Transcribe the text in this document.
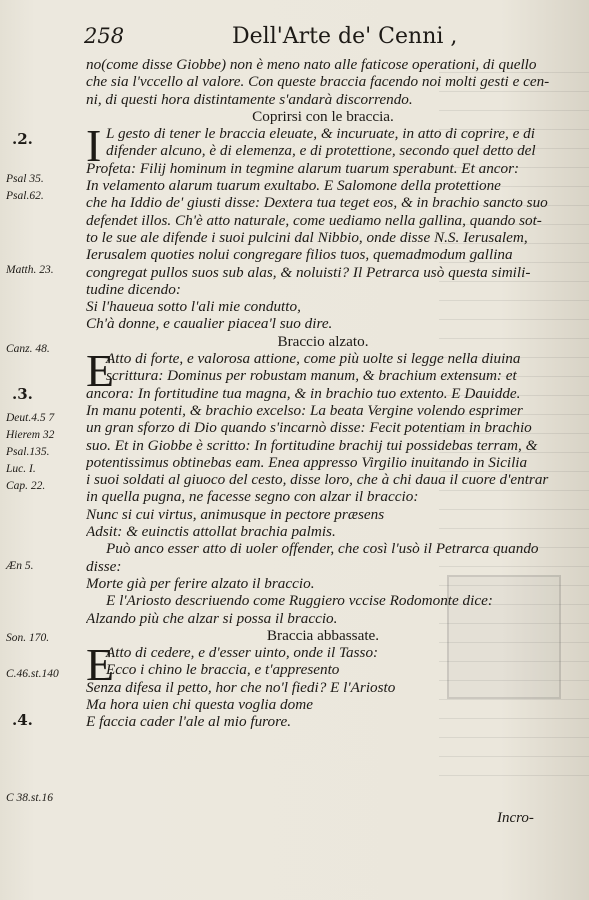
258	Dell'Arte de' Cenni ,
.2.
Psal 35.
Psal.62.
Matth. 23.
Canz. 48.
.3.
Deut.4.5 7
Hierem 32
Psal.135.
Luc. I.
Cap. 22.
Æn 5.
Son. 170.
C.46.st.140
.4.
C 38.st.16
no(come disse Giobbe) non è meno nato alle faticose operationi, di quello
che sia l'vccello al valore. Con queste braccia facendo noi molti gesti e cen-
ni, di questi hora distintamente s'andarà discorrendo.
Coprirsi con le braccia.
I L gesto di tener le braccia eleuate, & incuruate, in atto di coprire, e di
difender alcuno, è di elemenza, e di protettione, secondo quel detto del
Profeta: Filij hominum in tegmine alarum tuarum sperabunt. Et ancor:
In velamento alarum tuarum exultabo. E Salomone della protettione
che ha Iddio de' giusti disse: Dextera tua teget eos, & in brachio sancto suo
defendet illos. Ch'è atto naturale, come uediamo nella gallina, quando sot-
to le sue ale difende i suoi pulcini dal Nibbio, onde disse N.S. Ierusalem,
Ierusalem quoties nolui congregare filios tuos, quemadmodum gallina
congregat pullos suos sub alas, & noluisti? Il Petrarca usò questa simili-
tudine dicendo:
Si l'haueua sotto l'ali mie condutto,
Ch'à donne, e caualier piacea'l suo dire.
Braccio alzato.
E
Atto di forte, e valorosa attione, come più uolte si legge nella diuina
scrittura: Dominus per robustam manum, & brachium extensum: et
ancora: In fortitudine tua magna, & in brachio tuo extento. E Dauidde.
In manu potenti, & brachio excelso: La beata Vergine volendo esprimer
un gran sforzo di Dio quando s'incarnò disse: Fecit potentiam in brachio
suo. Et in Giobbe è scritto: In fortitudine brachij tui possidebas terram, &
potentissimus obtinebas eam. Enea appresso Virgilio inuitando in Sicilia
i suoi soldati al giuoco del cesto, disse loro, che à chi daua il cuore d'entrar
in quella pugna, ne facesse segno con alzar il braccio:
Nunc si cui virtus, animusque in pectore præsens
Adsit: & euinctis attollat brachia palmis.
Può anco esser atto di uoler offender, che così l'usò il Petrarca quando
disse:
Morte già per ferire alzato il braccio.
E l'Ariosto descriuendo come Ruggiero vccise Rodomonte dice:
Alzando più che alzar si possa il braccio.
Braccia abbassate.
E
Atto di cedere, e d'esser uinto, onde il Tasso:
Ecco i chino le braccia, e t'appresento
Senza difesa il petto, hor che no'l fiedi? E l'Ariosto
Ma hora uien chi questa voglia dome
E faccia cader l'ale al mio furore.
Incro-
